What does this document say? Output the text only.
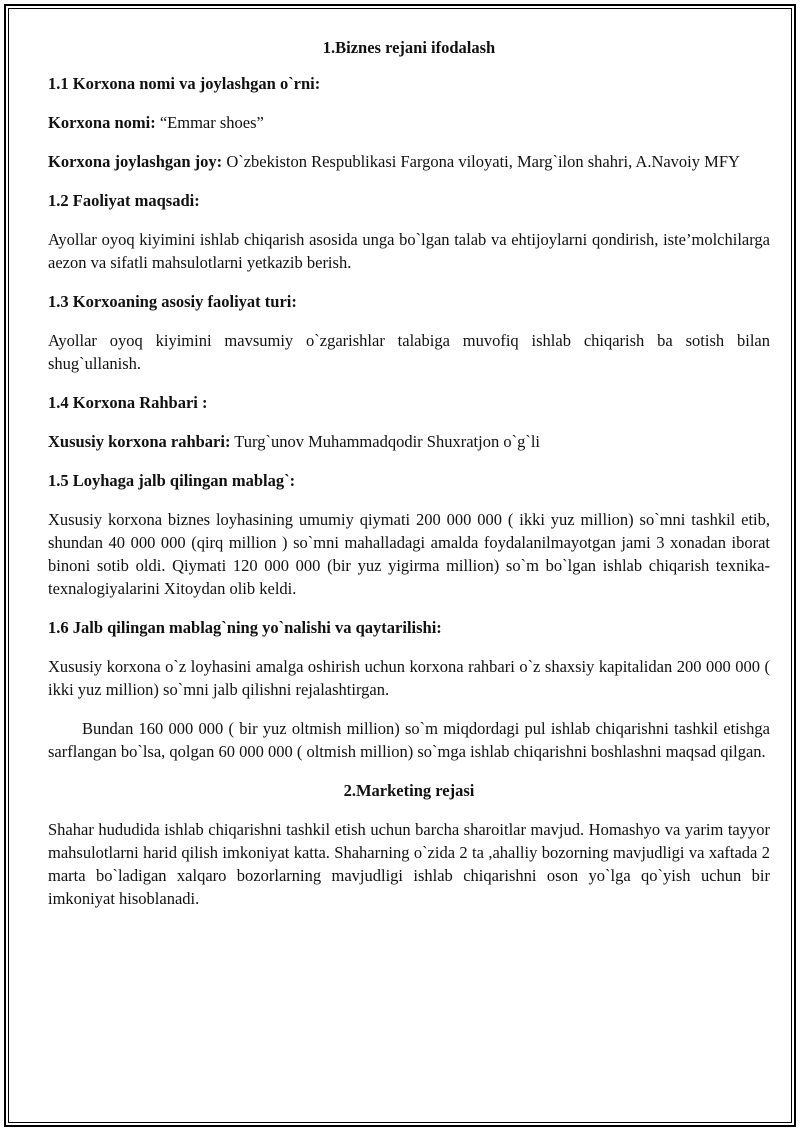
1.Biznes rejani ifodalash

1.1 Korxona nomi va joylashgan o`rni:

Korxona nomi: “Emmar shoes”

Korxona joylashgan joy: O`zbekiston Respublikasi Fargona viloyati, Marg`ilon shahri, A.Navoiy MFY

1.2 Faoliyat maqsadi:

Ayollar oyoq kiyimini ishlab chiqarish asosida unga bo`lgan talab va ehtijoylarni qondirish, iste’molchilarga aezon va sifatli mahsulotlarni yetkazib berish.

1.3 Korxoaning asosiy faoliyat turi:

Ayollar oyoq kiyimini mavsumiy o`zgarishlar talabiga muvofiq ishlab chiqarish ba sotish bilan shug`ullanish.

1.4 Korxona Rahbari :

Xususiy korxona rahbari: Turg`unov Muhammadqodir Shuxratjon o`g`li

1.5 Loyhaga jalb qilingan mablag`:

Xususiy korxona biznes loyhasining umumiy qiymati 200 000 000 ( ikki yuz million) so`mni tashkil etib, shundan 40 000 000 (qirq million ) so`mni mahalladagi amalda foydalanilmayotgan jami 3 xonadan iborat binoni sotib oldi. Qiymati 120 000 000 (bir yuz yigirma million) so`m bo`lgan ishlab chiqarish texnika-texnalogiyalarini Xitoydan olib keldi.

1.6 Jalb qilingan mablag`ning yo`nalishi va qaytarilishi:

Xususiy korxona o`z loyhasini amalga oshirish uchun korxona rahbari o`z shaxsiy kapitalidan 200 000 000 ( ikki yuz million) so`mni jalb qilishni rejalashtirgan.

Bundan 160 000 000 ( bir yuz oltmish million) so`m miqdordagi pul ishlab chiqarishni tashkil etishga sarflangan bo`lsa, qolgan 60 000 000 ( oltmish million) so`mga ishlab chiqarishni boshlashni maqsad qilgan.

2.Marketing rejasi

Shahar hududida ishlab chiqarishni tashkil etish uchun barcha sharoitlar mavjud. Homashyo va yarim tayyor mahsulotlarni harid qilish imkoniyat katta. Shaharning o`zida 2 ta ,ahalliy bozorning mavjudligi va xaftada 2 marta bo`ladigan xalqaro bozorlarning mavjudligi ishlab chiqarishni oson yo`lga qo`yish uchun bir imkoniyat hisoblanadi.
